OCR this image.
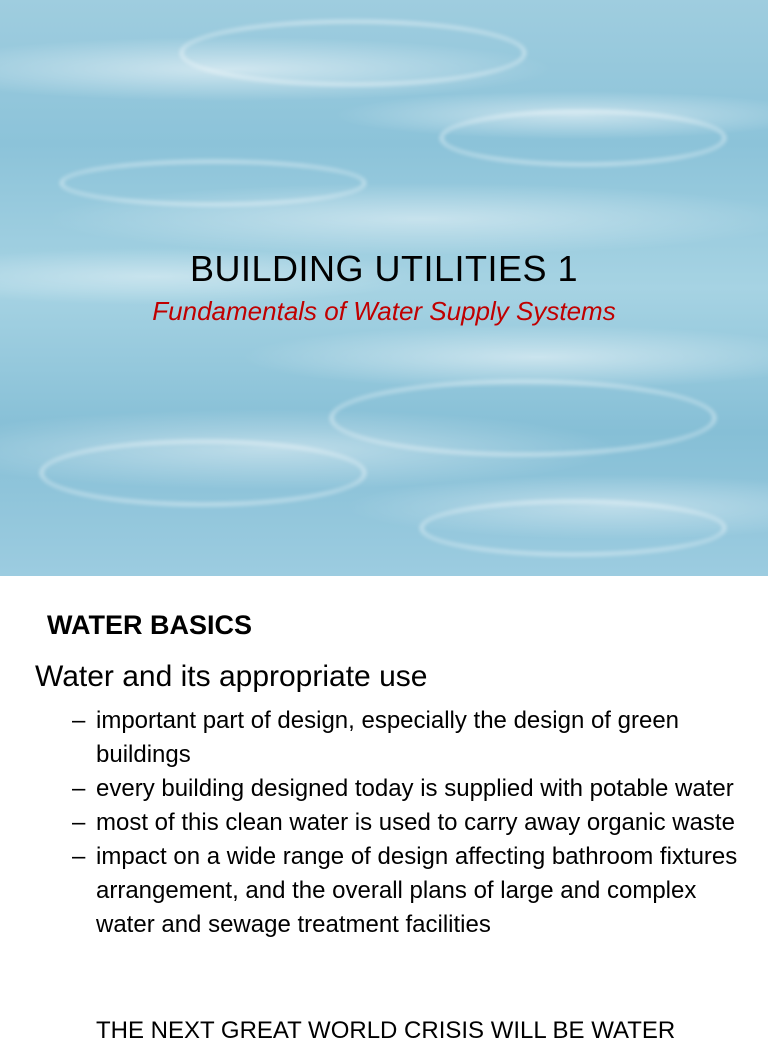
BUILDING UTILITIES 1
Fundamentals of Water Supply Systems
WATER BASICS
Water and its appropriate use
– important part of design, especially the design of green buildings
– every building designed today is supplied with potable water
– most of this clean water is used to carry away organic waste
– impact on a wide range of design affecting bathroom fixtures arrangement, and the overall plans of large and complex water and sewage treatment facilities
THE NEXT GREAT WORLD CRISIS WILL BE WATER
